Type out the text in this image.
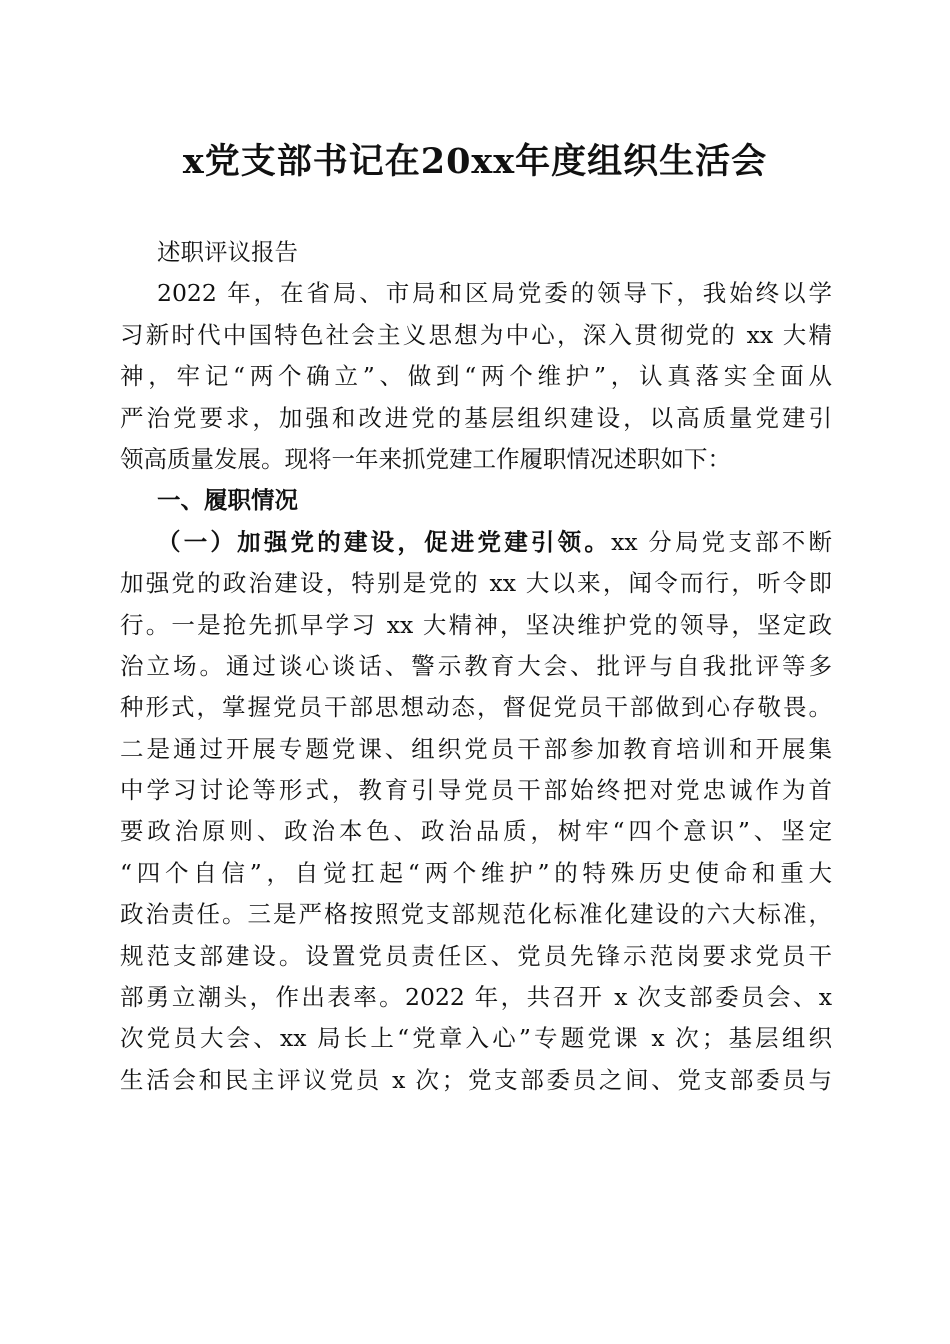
x党支部书记在20xx年度组织生活会
述职评议报告
2022 年，在省局、市局和区局党委的领导下，我始终以学
习新时代中国特色社会主义思想为中心，深入贯彻党的 xx 大精
神，牢记“两个确立”、做到“两个维护”，认真落实全面从
严治党要求，加强和改进党的基层组织建设，以高质量党建引
领高质量发展。现将一年来抓党建工作履职情况述职如下：
一、履职情况
（一）加强党的建设，促进党建引领。xx 分局党支部不断
加强党的政治建设，特别是党的 xx 大以来，闻令而行，听令即
行。一是抢先抓早学习 xx 大精神，坚决维护党的领导，坚定政
治立场。通过谈心谈话、警示教育大会、批评与自我批评等多
种形式，掌握党员干部思想动态，督促党员干部做到心存敬畏。
二是通过开展专题党课、组织党员干部参加教育培训和开展集
中学习讨论等形式，教育引导党员干部始终把对党忠诚作为首
要政治原则、政治本色、政治品质，树牢“四个意识”、坚定
“四个自信”，自觉扛起“两个维护”的特殊历史使命和重大
政治责任。三是严格按照党支部规范化标准化建设的六大标准，
规范支部建设。设置党员责任区、党员先锋示范岗要求党员干
部勇立潮头，作出表率。2022 年，共召开 x 次支部委员会、x
次党员大会、xx 局长上“党章入心”专题党课 x 次；基层组织
生活会和民主评议党员 x 次；党支部委员之间、党支部委员与
